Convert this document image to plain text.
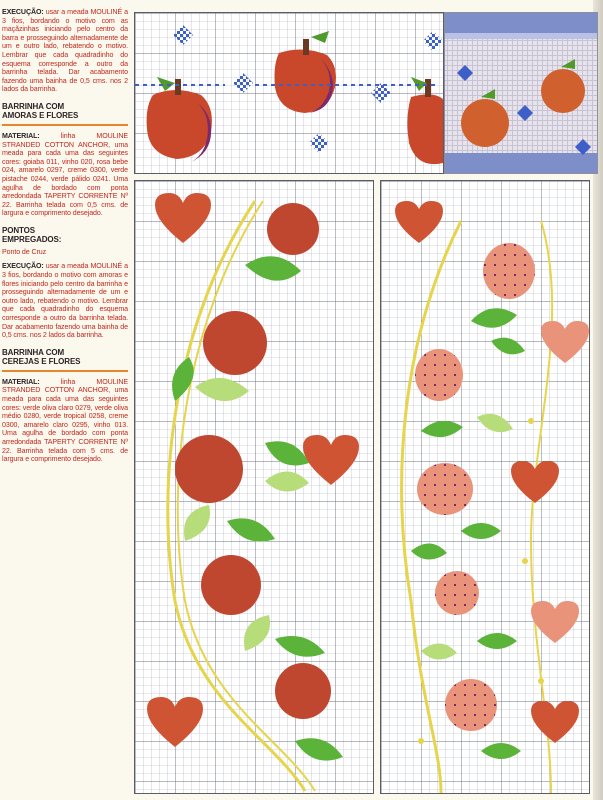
EXECUÇÃO: usar a meada MOULINÉ a 3 fios, bordando o motivo com as maçãzinhas iniciando pelo centro da barra e prosseguindo alternadamente de um e outro lado, rebatendo o motivo. Lembrar que cada quadradinho do esquema corresponde a outro da barrinha telada. Dar acabamento fazendo uma bainha de 0,5 cms. nos 2 lados da barrinha.

BARRINHA COM
AMORAS E FLORES

MATERIAL:	linha MOULINE STRANDED COTTON ANCHOR, uma meada para cada uma das seguintes cores: goiaba 011, vinho 020, rosa bebe 024, amarelo 0297, creme 0300, verde pistache 0244, verde pálido 0241. Uma agulha de bordado com ponta arredondada TAPERTY CORRENTE Nº 22. Barrinha telada com 0,5 cms. de largura e comprimento desejado.

PONTOS
EMPREGADOS:

Ponto de Cruz

EXECUÇÃO: usar a meada MOULINÉ a 3 fios, bordando o motivo com amoras e flores iniciando pelo centro da barrinha e prosseguindo alternadamente de um e outro lado, rebatendo o motivo. Lembrar que cada quadradinho do esquema corresponde a outro da barrinha telada. Dar acabamento fazendo uma bainha de 0,5 cms. nos 2 lados da barrinha.

BARRINHA COM
CEREJAS E FLORES

MATERIAL:	linha MOULINE STRANDED COTTON ANCHOR, uma meada para cada uma das seguintes cores: verde oliva claro 0279, verde oliva médio 0280, verde tropical 0258, creme 0300, amarelo claro 0295, vinho 013. Uma agulha de bordado com ponta arredondada TAPERTY CORRENTE Nº 22. Barrinha telada com 5 cms. de largura e comprimento desejado.
